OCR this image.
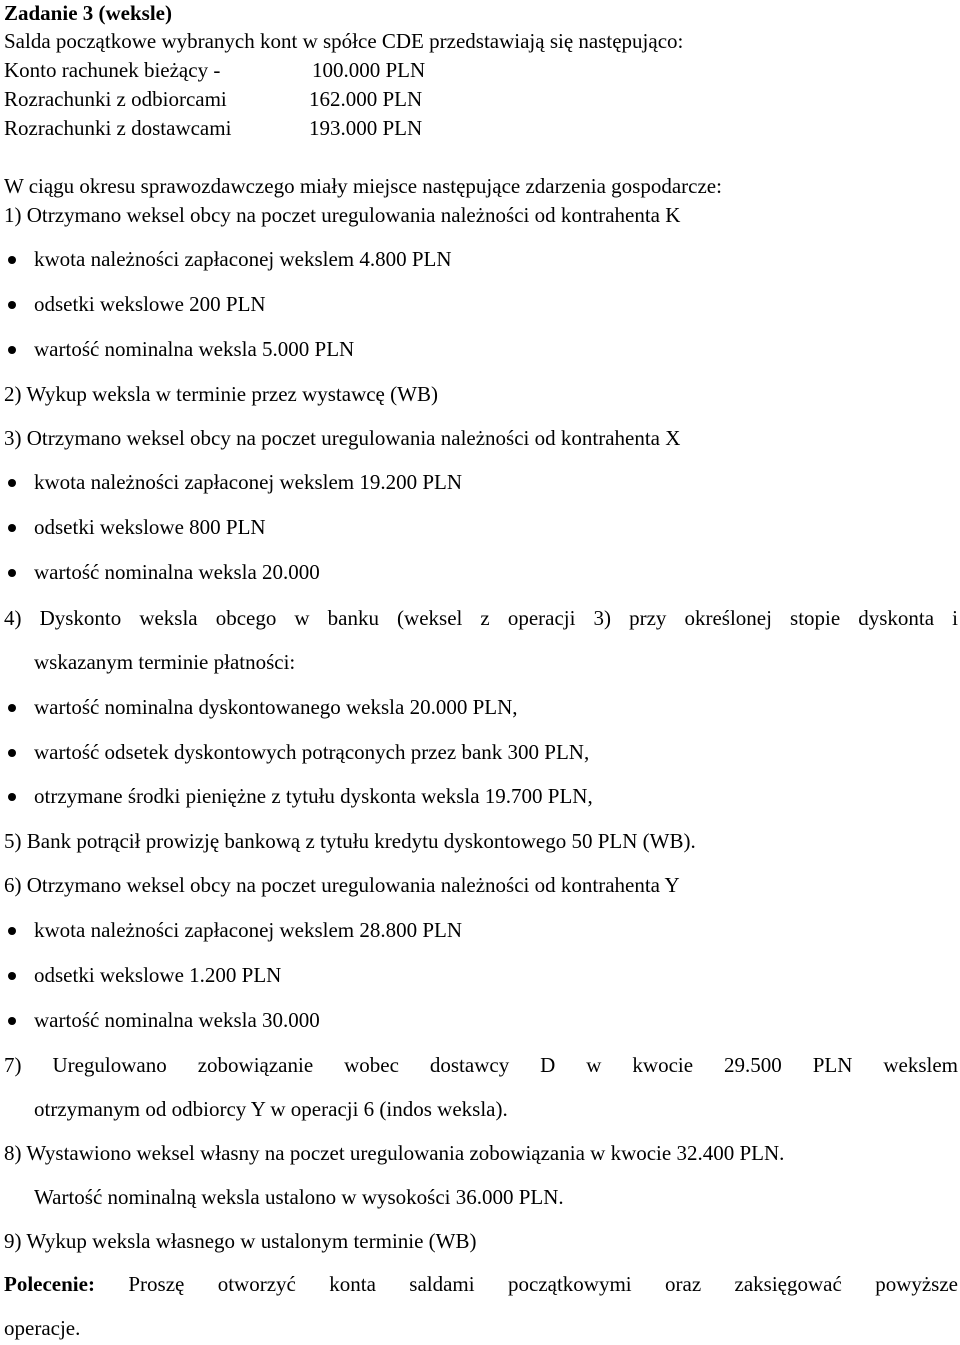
Zadanie 3 (weksle)
Salda początkowe wybranych kont w spółce CDE przedstawiają się następująco:
Konto rachunek bieżący -	100.000 PLN
Rozrachunki z odbiorcami	162.000 PLN
Rozrachunki z dostawcami	193.000 PLN
W ciągu okresu sprawozdawczego miały miejsce następujące zdarzenia gospodarcze:
1) Otrzymano weksel obcy na poczet uregulowania należności od kontrahenta K
kwota należności zapłaconej wekslem 4.800 PLN
odsetki wekslowe 200 PLN
wartość nominalna weksla 5.000 PLN
2) Wykup weksla w terminie przez wystawcę (WB)
3) Otrzymano weksel obcy na poczet uregulowania należności od kontrahenta X
kwota należności zapłaconej wekslem 19.200 PLN
odsetki wekslowe 800 PLN
wartość nominalna weksla 20.000
4) Dyskonto weksla obcego w banku (weksel z operacji 3) przy określonej stopie dyskonta i
wskazanym terminie płatności:
wartość nominalna dyskontowanego weksla 20.000 PLN,
wartość odsetek dyskontowych potrąconych przez bank 300 PLN,
otrzymane środki pieniężne z tytułu dyskonta weksla 19.700 PLN,
5) Bank potrącił prowizję bankową z tytułu kredytu dyskontowego 50 PLN (WB).
6) Otrzymano weksel obcy na poczet uregulowania należności od kontrahenta Y
kwota należności zapłaconej wekslem 28.800 PLN
odsetki wekslowe 1.200 PLN
wartość nominalna weksla 30.000
7) Uregulowano zobowiązanie wobec dostawcy D w kwocie 29.500 PLN wekslem
otrzymanym od odbiorcy Y w operacji 6 (indos weksla).
8) Wystawiono weksel własny na poczet uregulowania zobowiązania w kwocie 32.400 PLN.
Wartość nominalną weksla ustalono w wysokości 36.000 PLN.
9) Wykup weksla własnego w ustalonym terminie (WB)
Polecenie: Proszę otworzyć konta saldami początkowymi oraz zaksięgować powyższe
operacje.
